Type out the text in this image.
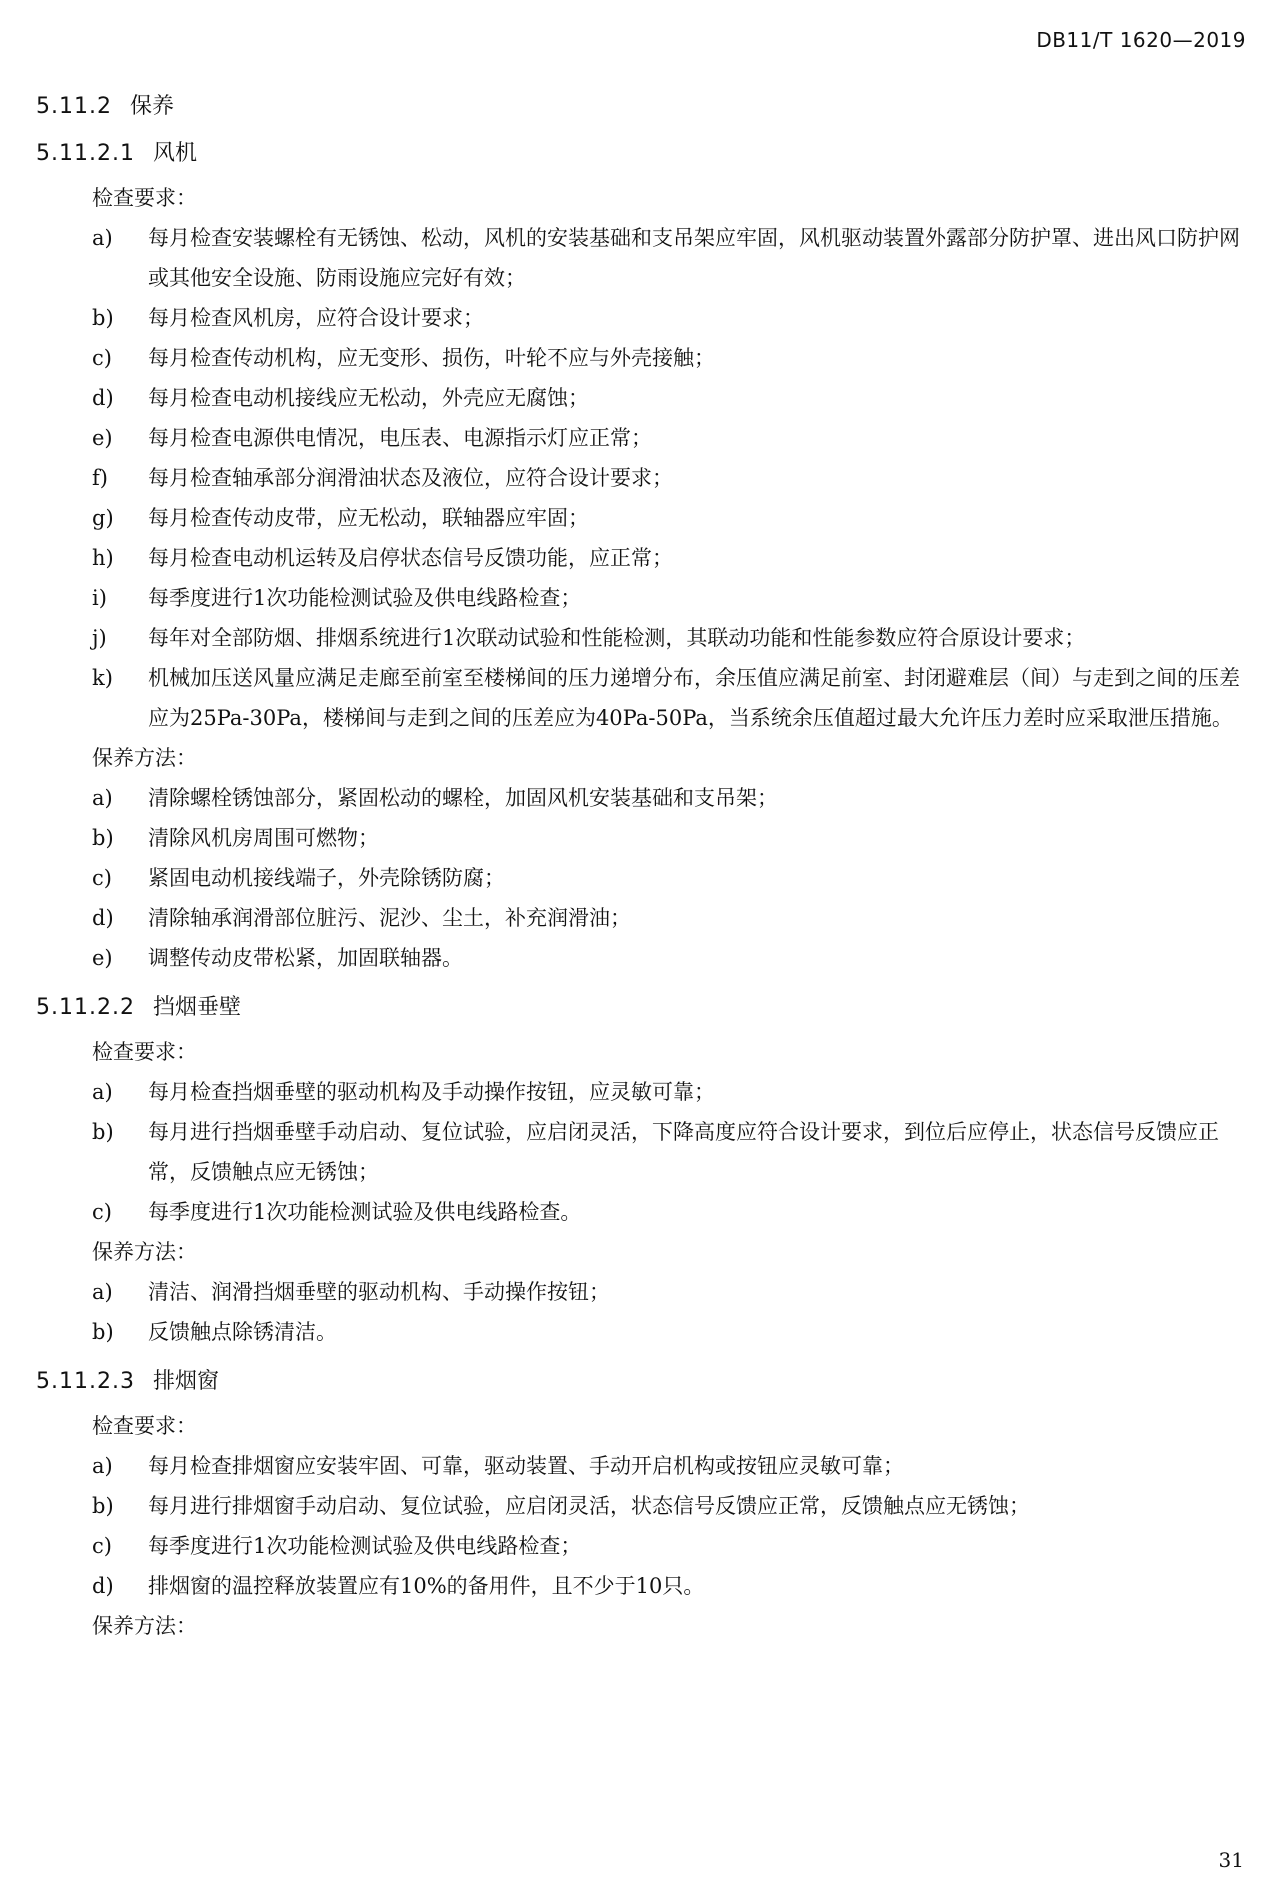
DB11/T 1620—2019
5.11.2 保养
5.11.2.1 风机
检查要求：
a)	每月检查安装螺栓有无锈蚀、松动，风机的安装基础和支吊架应牢固，风机驱动装置外露部分防护罩、进出风口防护网或其他安全设施、防雨设施应完好有效；
b)	每月检查风机房，应符合设计要求；
c)	每月检查传动机构，应无变形、损伤，叶轮不应与外壳接触；
d)	每月检查电动机接线应无松动，外壳应无腐蚀；
e)	每月检查电源供电情况，电压表、电源指示灯应正常；
f)	每月检查轴承部分润滑油状态及液位，应符合设计要求；
g)	每月检查传动皮带，应无松动，联轴器应牢固；
h)	每月检查电动机运转及启停状态信号反馈功能，应正常；
i)	每季度进行1次功能检测试验及供电线路检查；
j)	每年对全部防烟、排烟系统进行1次联动试验和性能检测，其联动功能和性能参数应符合原设计要求；
k)	机械加压送风量应满足走廊至前室至楼梯间的压力递增分布，余压值应满足前室、封闭避难层（间）与走到之间的压差应为25Pa-30Pa，楼梯间与走到之间的压差应为40Pa-50Pa，当系统余压值超过最大允许压力差时应采取泄压措施。
保养方法：
a)	清除螺栓锈蚀部分，紧固松动的螺栓，加固风机安装基础和支吊架；
b)	清除风机房周围可燃物；
c)	紧固电动机接线端子，外壳除锈防腐；
d)	清除轴承润滑部位脏污、泥沙、尘土，补充润滑油；
e)	调整传动皮带松紧，加固联轴器。
5.11.2.2 挡烟垂壁
检查要求：
a)	每月检查挡烟垂壁的驱动机构及手动操作按钮，应灵敏可靠；
b)	每月进行挡烟垂壁手动启动、复位试验，应启闭灵活，下降高度应符合设计要求，到位后应停止，状态信号反馈应正常，反馈触点应无锈蚀；
c)	每季度进行1次功能检测试验及供电线路检查。
保养方法：
a)	清洁、润滑挡烟垂壁的驱动机构、手动操作按钮；
b)	反馈触点除锈清洁。
5.11.2.3 排烟窗
检查要求：
a)	每月检查排烟窗应安装牢固、可靠，驱动装置、手动开启机构或按钮应灵敏可靠；
b)	每月进行排烟窗手动启动、复位试验，应启闭灵活，状态信号反馈应正常，反馈触点应无锈蚀；
c)	每季度进行1次功能检测试验及供电线路检查；
d)	排烟窗的温控释放装置应有10%的备用件，且不少于10只。
保养方法：
31
